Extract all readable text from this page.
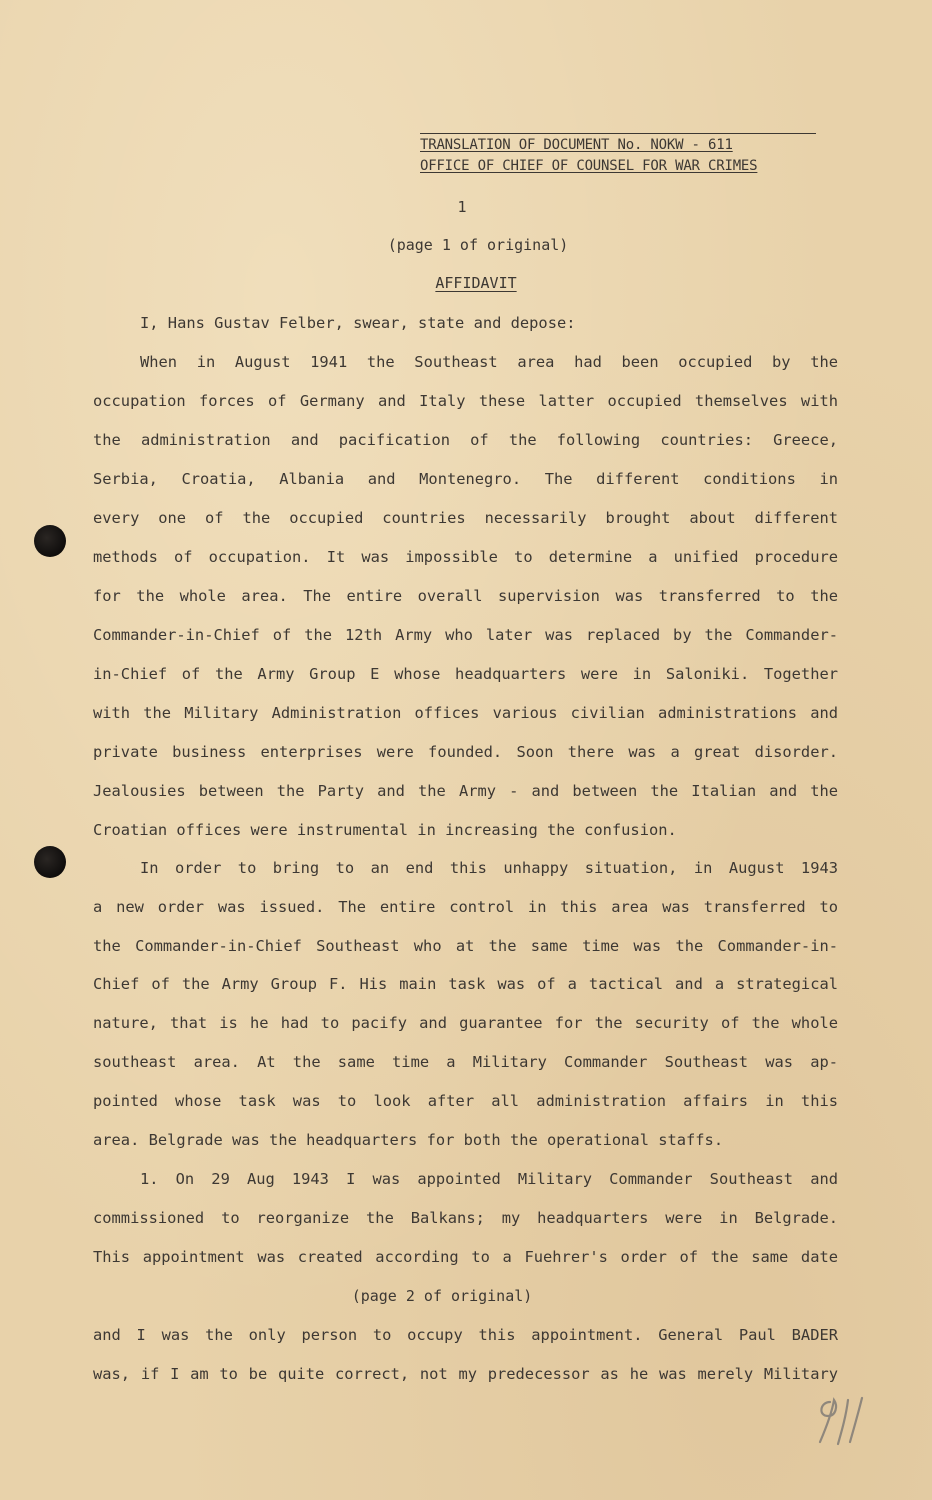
TRANSLATION OF DOCUMENT No. NOKW - 611
OFFICE OF CHIEF OF COUNSEL FOR WAR CRIMES
1
(page 1 of original)
AFFIDAVIT
I, Hans Gustav Felber, swear, state and depose:
When in August 1941 the Southeast area had been occupied by the
occupation forces of Germany and Italy these latter occupied themselves with
the administration and pacification of the following countries: Greece,
Serbia, Croatia, Albania and Montenegro. The different conditions in
every one of the occupied countries necessarily brought about different
methods of occupation. It was impossible to determine a unified procedure
for the whole area. The entire overall supervision was transferred to the
Commander-in-Chief of the 12th Army who later was replaced by the Commander-
in-Chief of the Army Group E whose headquarters were in Saloniki. Together
with the Military Administration offices various civilian administrations and
private business enterprises were founded. Soon there was a great disorder.
Jealousies between the Party and the Army - and between the Italian and the
Croatian offices were instrumental in increasing the confusion.
In order to bring to an end this unhappy situation, in August 1943
a new order was issued. The entire control in this area was transferred to
the Commander-in-Chief Southeast who at the same time was the Commander-in-
Chief of the Army Group F. His main task was of a tactical and a strategical
nature, that is he had to pacify and guarantee for the security of the whole
southeast area. At the same time a Military Commander Southeast was ap-
pointed whose task was to look after all administration affairs in this
area. Belgrade was the headquarters for both the operational staffs.
1. On 29 Aug 1943 I was appointed Military Commander Southeast and
commissioned to reorganize the Balkans; my headquarters were in Belgrade.
This appointment was created according to a Fuehrer's order of the same date
(page 2 of original)
and I was the only person to occupy this appointment. General Paul BADER
was, if I am to be quite correct, not my predecessor as he was merely Military
